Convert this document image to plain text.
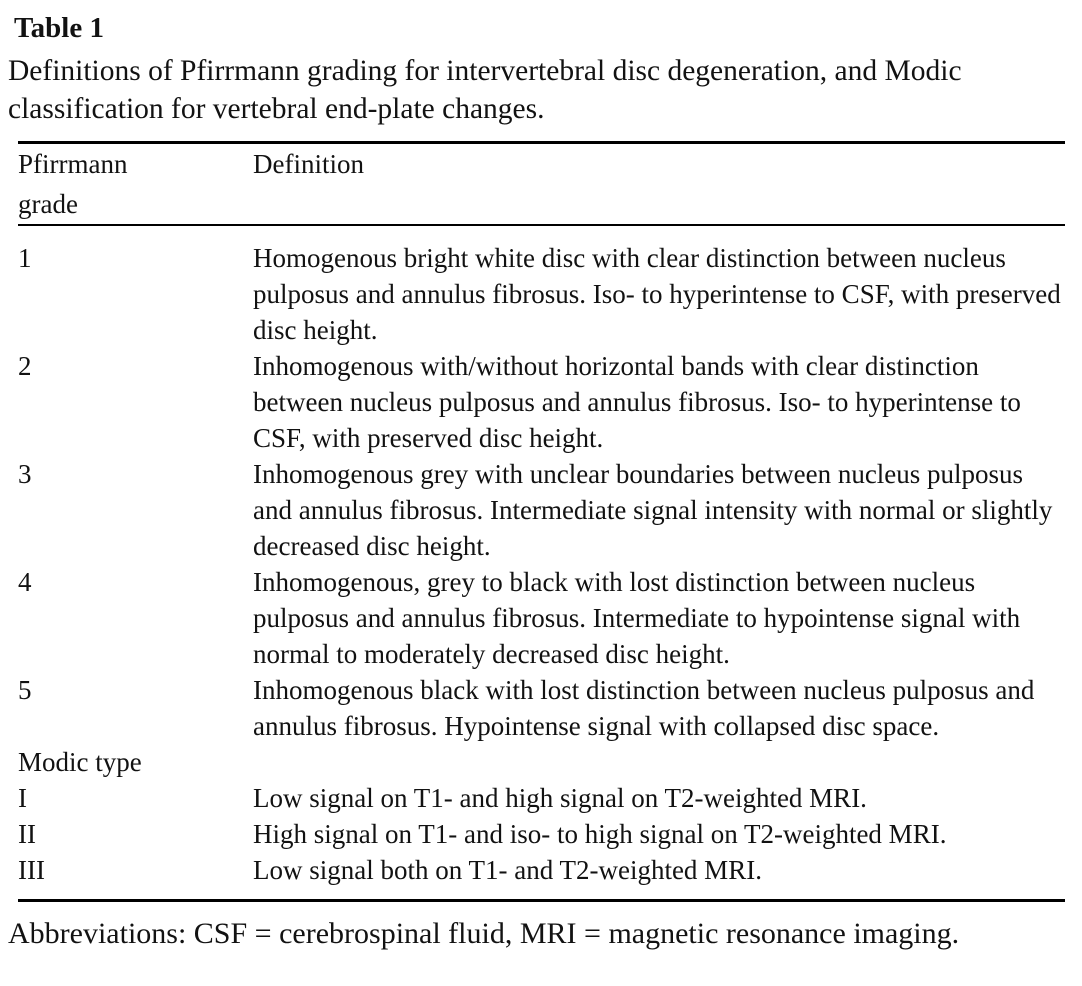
Table 1
Definitions of Pfirrmann grading for intervertebral disc degeneration, and Modic classification for vertebral end-plate changes.
Pfirrmann grade	Definition
1	Homogenous bright white disc with clear distinction between nucleus pulposus and annulus fibrosus. Iso- to hyperintense to CSF, with preserved disc height.
2	Inhomogenous with/without horizontal bands with clear distinction between nucleus pulposus and annulus fibrosus. Iso- to hyperintense to CSF, with preserved disc height.
3	Inhomogenous grey with unclear boundaries between nucleus pulposus and annulus fibrosus. Intermediate signal intensity with normal or slightly decreased disc height.
4	Inhomogenous, grey to black with lost distinction between nucleus pulposus and annulus fibrosus. Intermediate to hypointense signal with normal to moderately decreased disc height.
5	Inhomogenous black with lost distinction between nucleus pulposus and annulus fibrosus. Hypointense signal with collapsed disc space.
Modic type	
I	Low signal on T1- and high signal on T2-weighted MRI.
II	High signal on T1- and iso- to high signal on T2-weighted MRI.
III	Low signal both on T1- and T2-weighted MRI.

Abbreviations: CSF = cerebrospinal fluid, MRI = magnetic resonance imaging.
